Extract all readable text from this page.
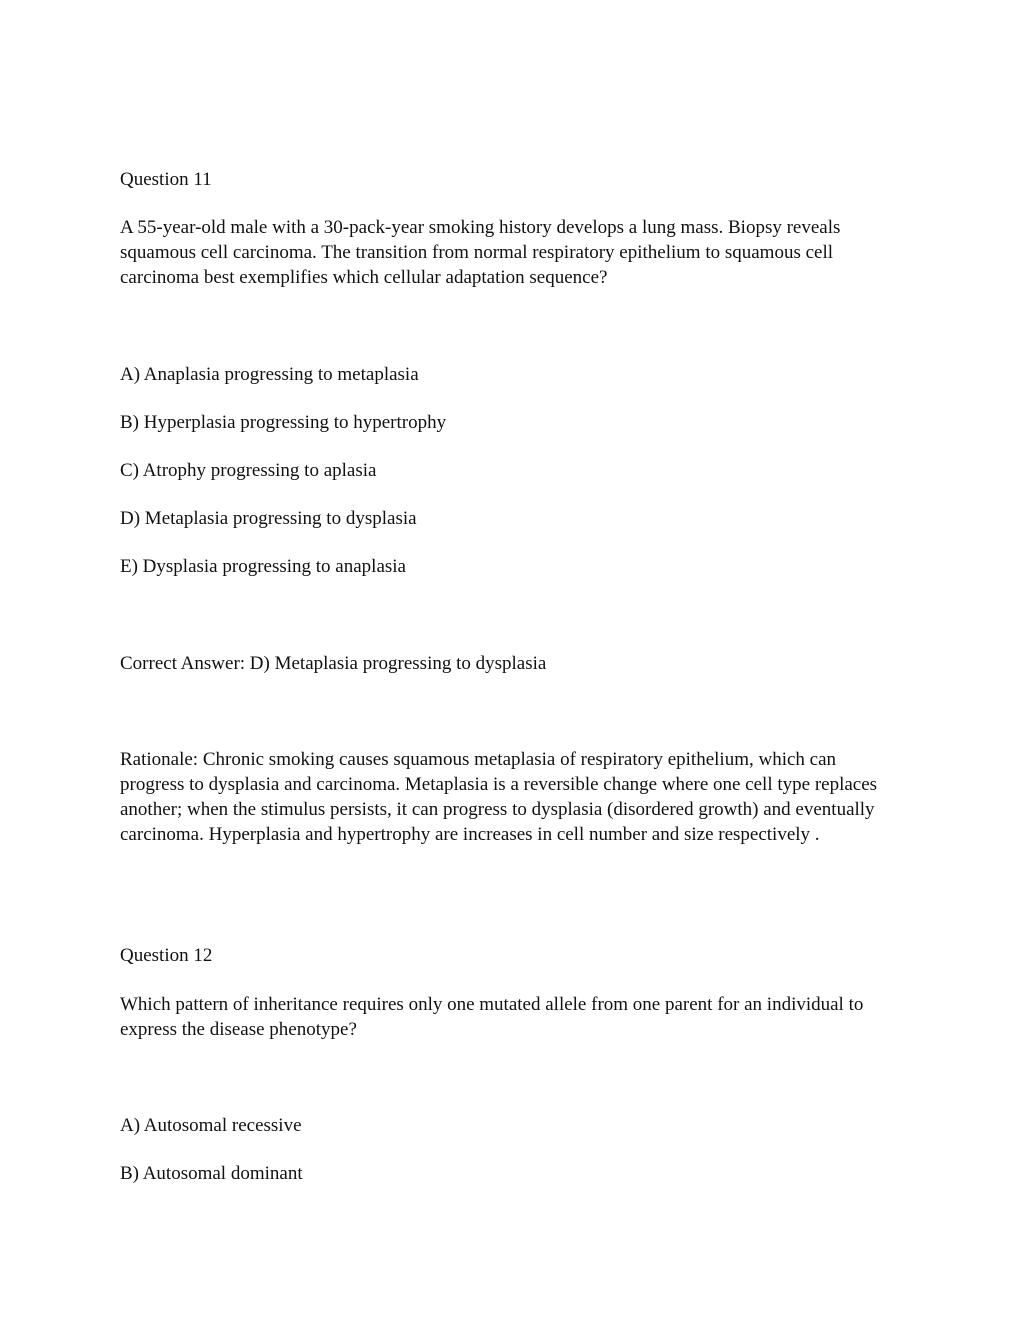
Question 11
A 55-year-old male with a 30-pack-year smoking history develops a lung mass. Biopsy reveals squamous cell carcinoma. The transition from normal respiratory epithelium to squamous cell carcinoma best exemplifies which cellular adaptation sequence?
A) Anaplasia progressing to metaplasia
B) Hyperplasia progressing to hypertrophy
C) Atrophy progressing to aplasia
D) Metaplasia progressing to dysplasia
E) Dysplasia progressing to anaplasia
Correct Answer: D) Metaplasia progressing to dysplasia
Rationale: Chronic smoking causes squamous metaplasia of respiratory epithelium, which can progress to dysplasia and carcinoma. Metaplasia is a reversible change where one cell type replaces another; when the stimulus persists, it can progress to dysplasia (disordered growth) and eventually carcinoma. Hyperplasia and hypertrophy are increases in cell number and size respectively .
Question 12
Which pattern of inheritance requires only one mutated allele from one parent for an individual to express the disease phenotype?
A) Autosomal recessive
B) Autosomal dominant
